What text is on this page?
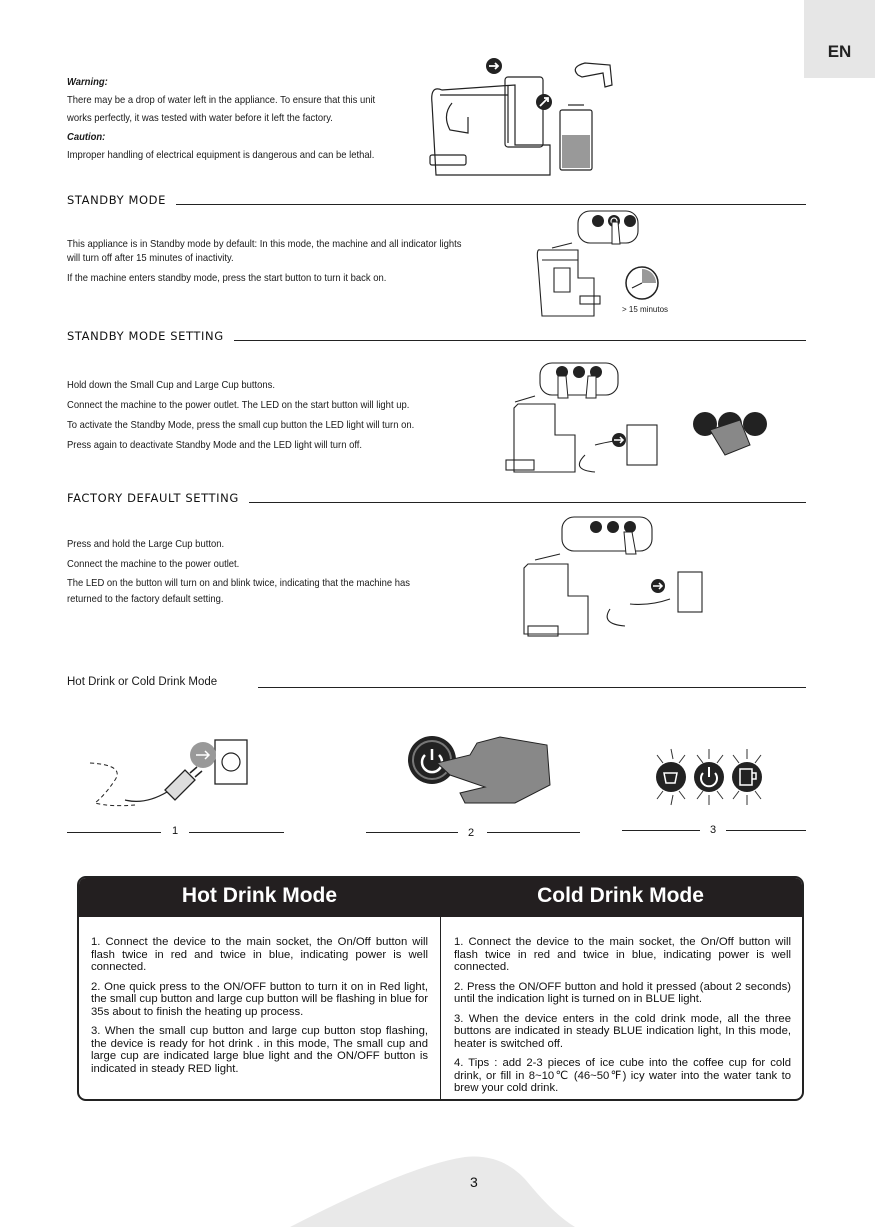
EN

Warning:

There may be a drop of water left in the appliance. To ensure that this unit

works perfectly, it was tested with water before it left the factory.

Caution:

Improper handling of electrical equipment is dangerous and can be lethal.

STANDBY MODE

This appliance is in Standby mode by default: In this mode, the machine and all indicator lights

will turn off after 15 minutes of inactivity.

If the machine enters standby mode, press the start button to turn it back on.

> 15 minutos
STANDBY MODE SETTING

Hold down the Small Cup and Large Cup buttons.

Connect the machine to the power outlet. The LED on the start button will light up.

To activate the Standby Mode, press the small cup button the LED light will turn on.

Press again to deactivate Standby Mode and the LED light will turn off.

FACTORY DEFAULT SETTING

Press and hold the Large Cup button.

Connect the machine to the power outlet.

The LED on the button will turn on and blink twice, indicating that the machine has

returned to the factory default setting.

Hot Drink or Cold Drink Mode
1	2	3
Hot Drink Mode	Cold Drink Mode

1. Connect the device to the main socket, the On/Off button will flash twice in red and twice in blue, indicating power is well connected.

2. One quick press to the ON/OFF button to turn it on in Red light, the small cup button and large cup button will be flashing in blue for 35s about to finish the heating up process.

3. When the small cup button and large cup button stop flashing, the device is ready for hot drink . in this mode, The small cup and large cup are indicated large blue light and the ON/OFF button is indicated in steady RED light.

1. Connect the device to the main socket, the On/Off button will flash twice in red and twice in blue, indicating power is well connected.

2. Press the ON/OFF button and hold it pressed (about 2 seconds) until the indication light is turned on in BLUE light.

3. When the device enters in the cold drink mode, all the three buttons are indicated in steady BLUE indication light, In this mode, heater is switched off.

4. Tips : add 2-3 pieces of ice cube into the coffee cup for cold drink, or fill in 8~10℃ (46~50℉) icy water into the water tank to brew your cold drink.

3
